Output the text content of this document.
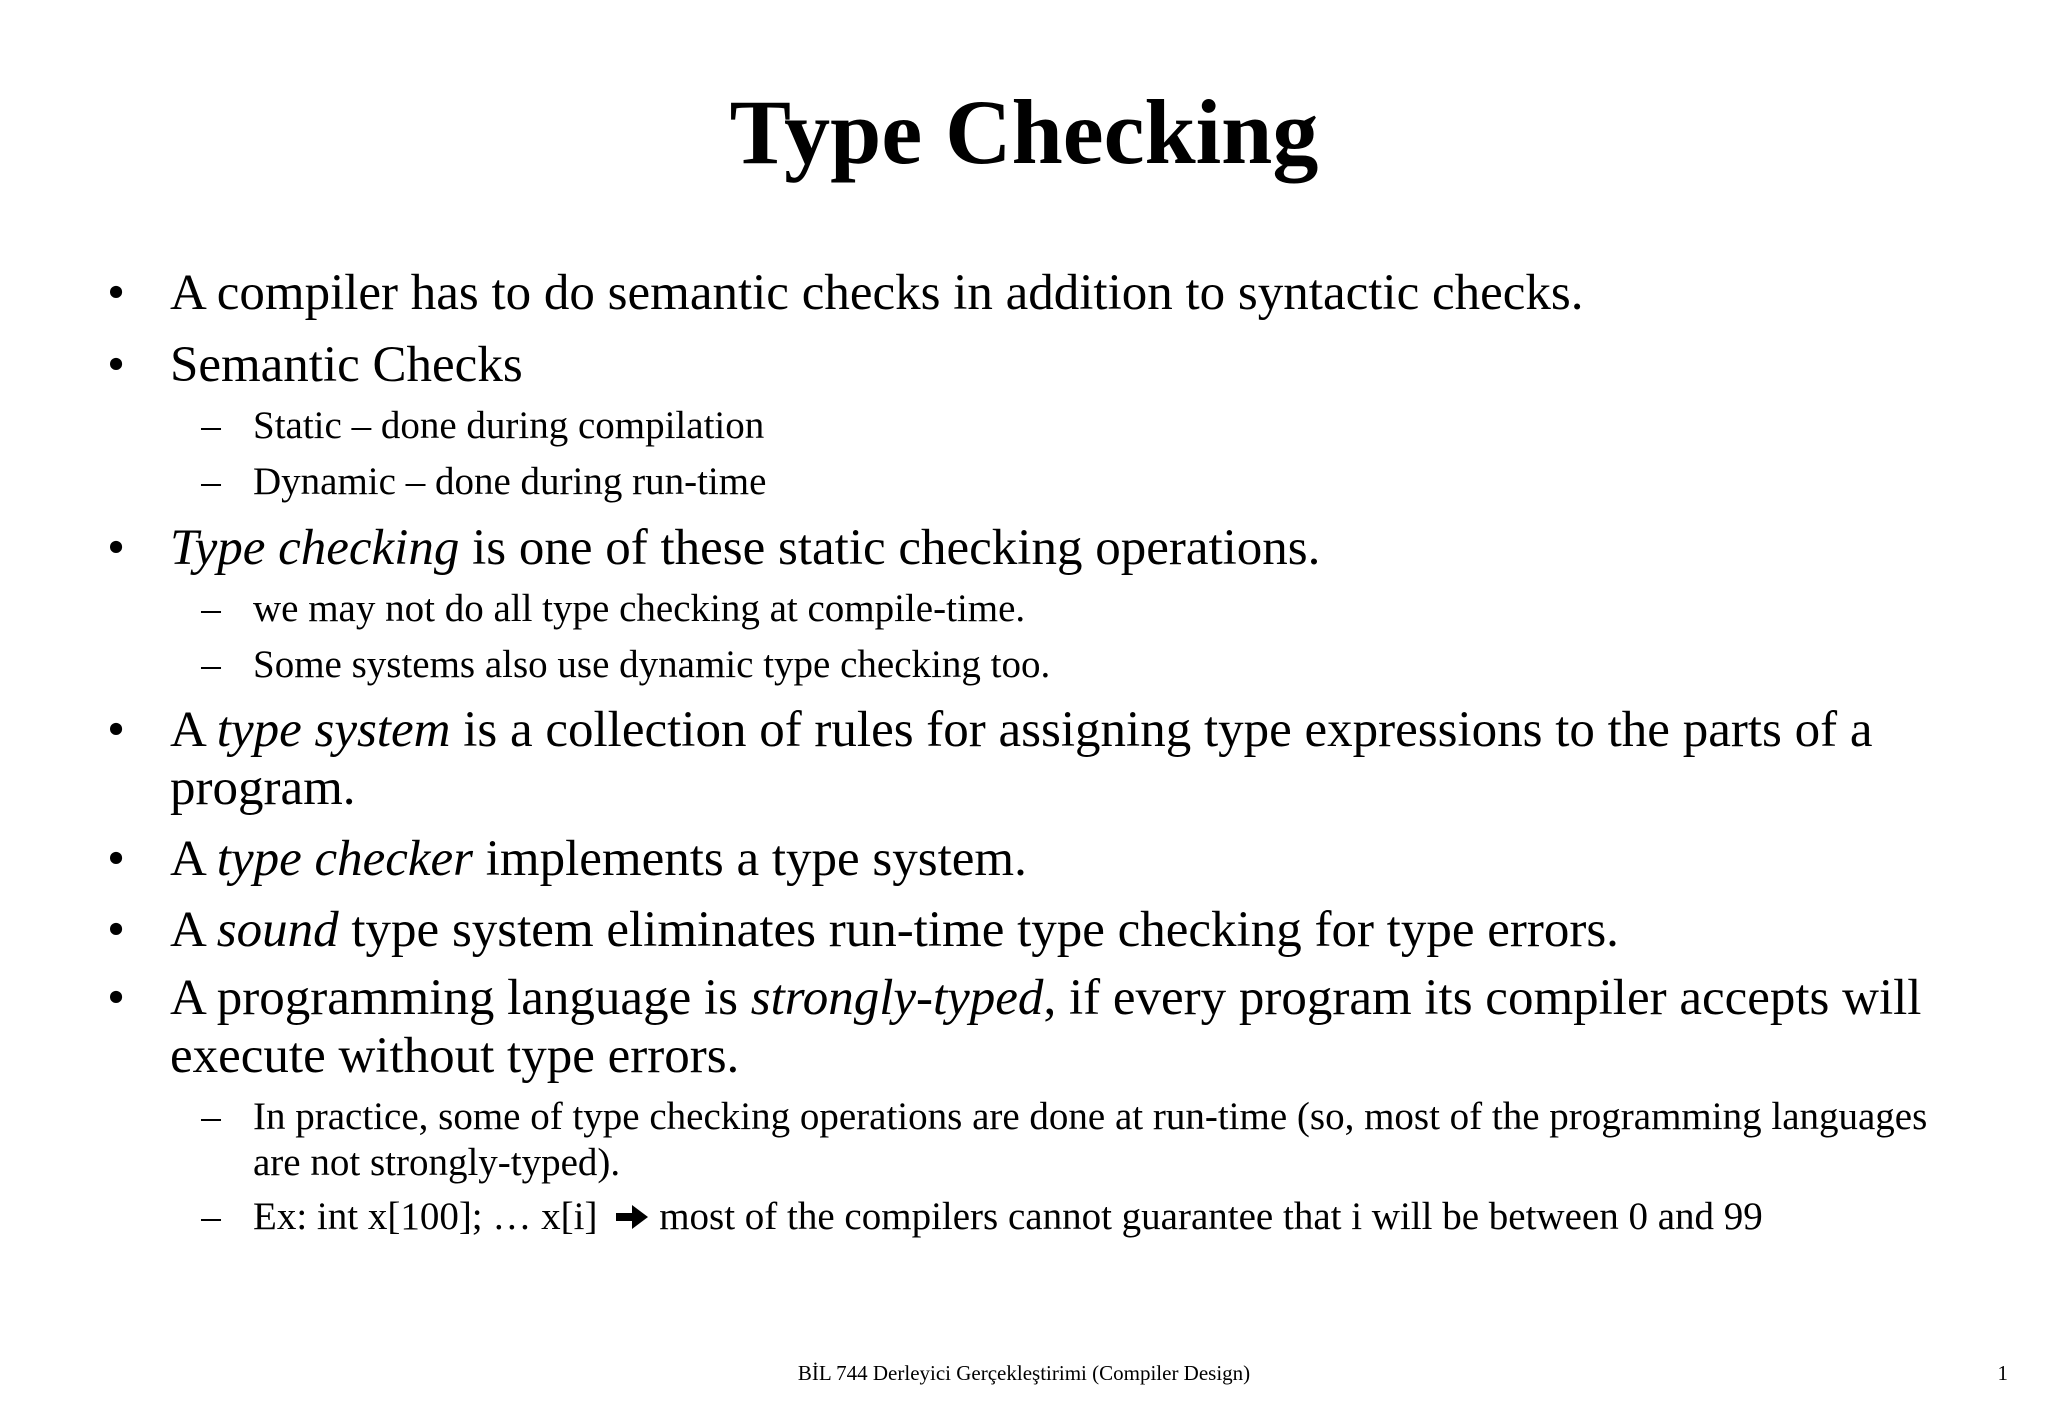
Type Checking
• A compiler has to do semantic checks in addition to syntactic checks.
• Semantic Checks
– Static – done during compilation
– Dynamic – done during run-time
• Type checking is one of these static checking operations.
– we may not do all type checking at compile-time.
– Some systems also use dynamic type checking too.
• A type system is a collection of rules for assigning type expressions to the parts of a program.
• A type checker implements a type system.
• A sound type system eliminates run-time type checking for type errors.
• A programming language is strongly-typed, if every program its compiler accepts will execute without type errors.
– In practice, some of type checking operations are done at run-time (so, most of the programming languages are not strongly-typed).
– Ex: int x[100]; … x[i] most of the compilers cannot guarantee that i will be between 0 and 99
BİL 744 Derleyici Gerçekleştirimi (Compiler Design)	1
